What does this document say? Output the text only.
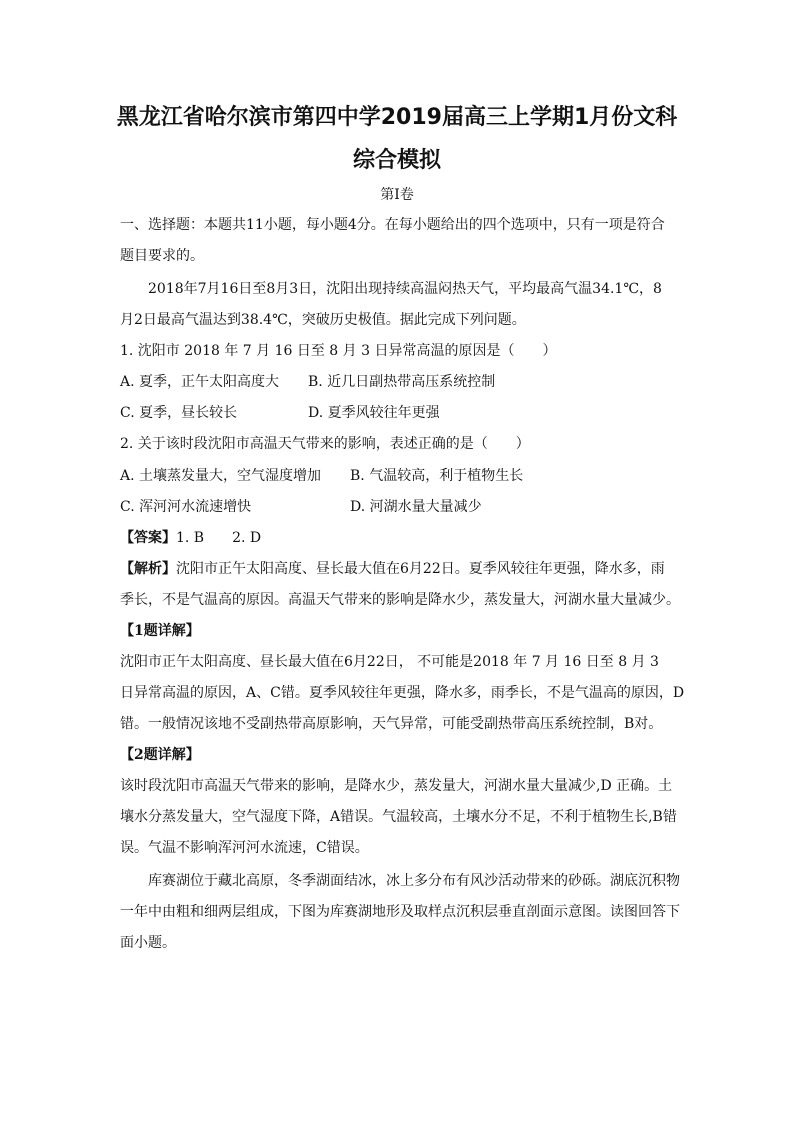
黑龙江省哈尔滨市第四中学2019届高三上学期1月份文科
综合模拟
第I卷
一、选择题：本题共11小题，每小题4分。在每小题给出的四个选项中，只有一项是符合
题目要求的。
2018年7月16日至8月3日，沈阳出现持续高温闷热天气，平均最高气温34.1℃，8
月2日最高气温达到38.4℃，突破历史极值。据此完成下列问题。
1. 沈阳市 2018 年 7 月 16 日至 8 月 3 日异常高温的原因是（　　）
A. 夏季，正午太阳高度大 B. 近几日副热带高压系统控制
C. 夏季，昼长较长	D. 夏季风较往年更强
2. 关于该时段沈阳市高温天气带来的影响，表述正确的是（　　）
A. 土壤蒸发量大，空气湿度增加 B. 气温较高，利于植物生长
C. 浑河河水流速增快	D. 河湖水量大量减少
【答案】1. B　　2. D
【解析】沈阳市正午太阳高度、昼长最大值在6月22日。夏季风较往年更强，降水多，雨
季长，不是气温高的原因。高温天气带来的影响是降水少，蒸发量大，河湖水量大量减少。
【1题详解】
沈阳市正午太阳高度、昼长最大值在6月22日， 不可能是2018 年 7 月 16 日至 8 月 3
日异常高温的原因，A、C错。夏季风较往年更强，降水多，雨季长，不是气温高的原因，D
错。一般情况该地不受副热带高原影响，天气异常，可能受副热带高压系统控制，B对。
【2题详解】
该时段沈阳市高温天气带来的影响，是降水少，蒸发量大，河湖水量大量减少,D 正确。土
壤水分蒸发量大，空气湿度下降，A错误。气温较高，土壤水分不足，不利于植物生长,B错
误。气温不影响浑河河水流速，C错误。
库赛湖位于藏北高原，冬季湖面结冰，冰上多分布有风沙活动带来的砂砾。湖底沉积物
一年中由粗和细两层组成，下图为库赛湖地形及取样点沉积层垂直剖面示意图。读图回答下
面小题。
